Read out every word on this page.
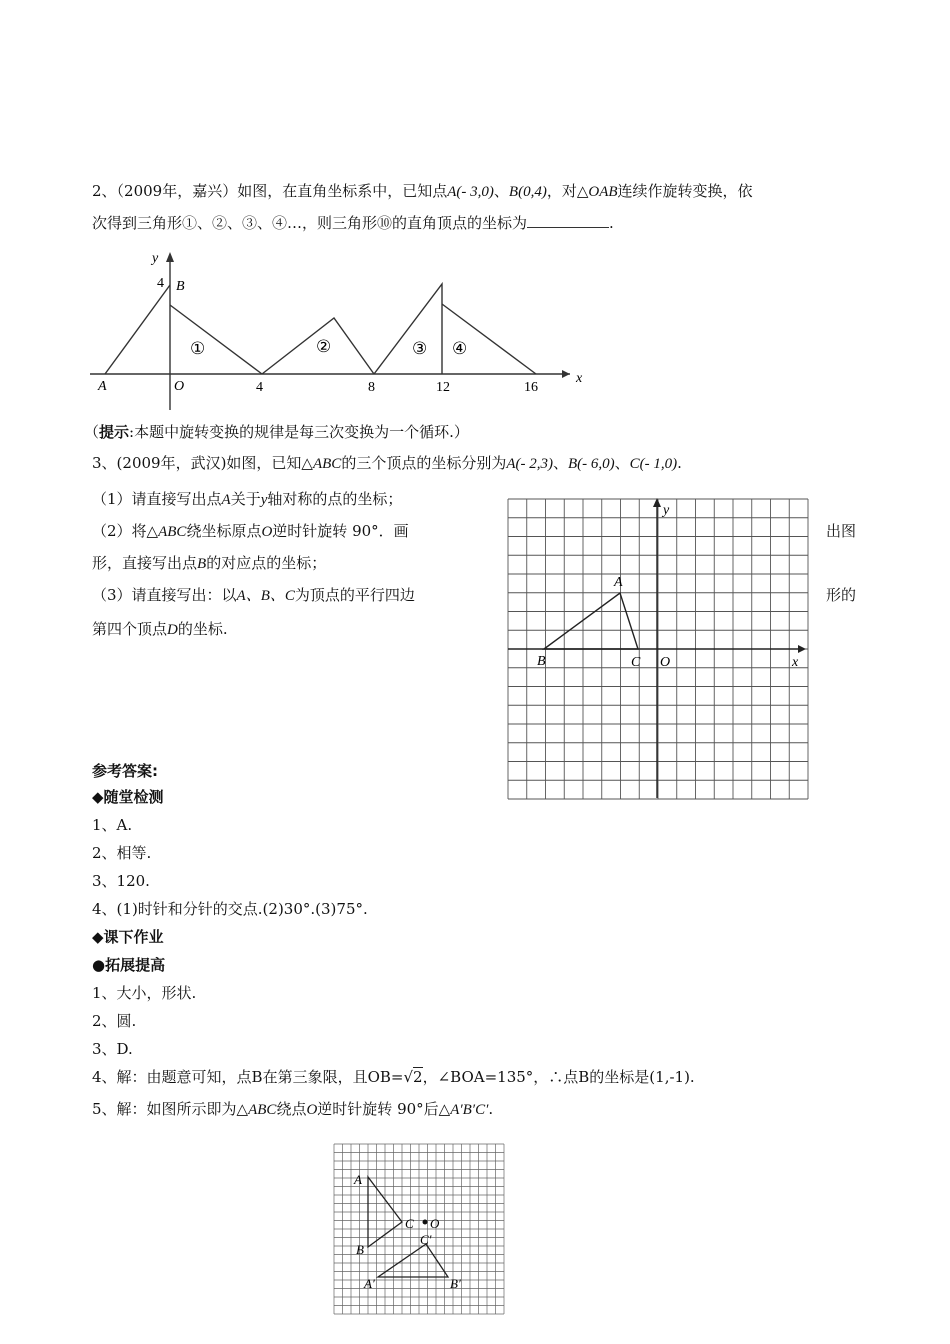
2、（2009年，嘉兴）如图，在直角坐标系中，已知点A(- 3,0)、B(0,4)，对△OAB连续作旋转变换，依
次得到三角形①、②、③、④…，则三角形⑩的直角顶点的坐标为	.
y
x
B
4
A	O	4	8	12	16
①	②	③ ④
（提示:本题中旋转变换的规律是每三次变换为一个循环.）
3、(2009年，武汉)如图，已知△ABC的三个顶点的坐标分别为A(- 2,3)、B(- 6,0)、C(- 1,0).
（1）请直接写出点A关于y轴对称的点的坐标；
（2）将△ABC绕坐标原点O逆时针旋转 90°．画	出图
形，直接写出点B的对应点的坐标；
（3）请直接写出：以A、B、C为顶点的平行四边	形的
第四个顶点D的坐标.
y
x
A
B	C O
参考答案:
◆随堂检测
1、A.
2、相等.
3、120.
4、(1)时针和分针的交点.(2)30°.(3)75°.
◆课下作业
●拓展提高
1、大小，形状.
2、圆.
3、D.
4、解：由题意可知，点B在第三象限，且OB=√2，∠BOA=135°，∴点B的坐标是(1,-1).
5、解：如图所示即为△ABC绕点O逆时针旋转 90°后△A′B′C′.
A
B
C O
C′
A′	B′
